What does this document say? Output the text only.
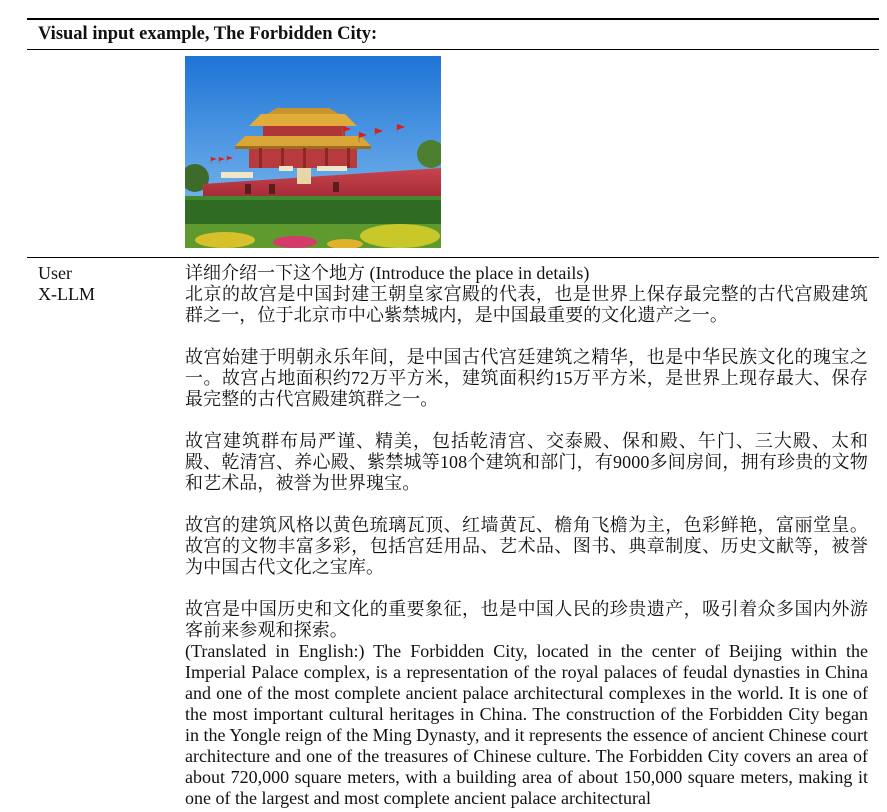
Visual input example, The Forbidden City:
User
X-LLM

详细介绍一下这个地方 (Introduce the place in details)

北京的故宫是中国封建王朝皇家宫殿的代表，也是世界上保存最完整的古代宫殿建筑群之一，位于北京市中心紫禁城内，是中国最重要的文化遗产之一。

故宫始建于明朝永乐年间，是中国古代宫廷建筑之精华，也是中华民族文化的瑰宝之一。故宫占地面积约72万平方米，建筑面积约15万平方米，是世界上现存最大、保存最完整的古代宫殿建筑群之一。

故宫建筑群布局严谨、精美，包括乾清宫、交泰殿、保和殿、午门、三大殿、太和殿、乾清宫、养心殿、紫禁城等108个建筑和部门，有9000多间房间，拥有珍贵的文物和艺术品，被誉为世界瑰宝。

故宫的建筑风格以黄色琉璃瓦顶、红墙黄瓦、檐角飞檐为主，色彩鲜艳，富丽堂皇。故宫的文物丰富多彩，包括宫廷用品、艺术品、图书、典章制度、历史文献等，被誉为中国古代文化之宝库。

故宫是中国历史和文化的重要象征，也是中国人民的珍贵遗产，吸引着众多国内外游客前来参观和探索。

(Translated in English:) The Forbidden City, located in the center of Beijing within the Imperial Palace complex, is a representation of the royal palaces of feudal dynasties in China and one of the most complete ancient palace architectural complexes in the world. It is one of the most important cultural heritages in China. The construction of the Forbidden City began in the Yongle reign of the Ming Dynasty, and it represents the essence of ancient Chinese court architecture and one of the treasures of Chinese culture. The Forbidden City covers an area of about 720,000 square meters, with a building area of about 150,000 square meters, making it one of the largest and most complete ancient palace architectural
